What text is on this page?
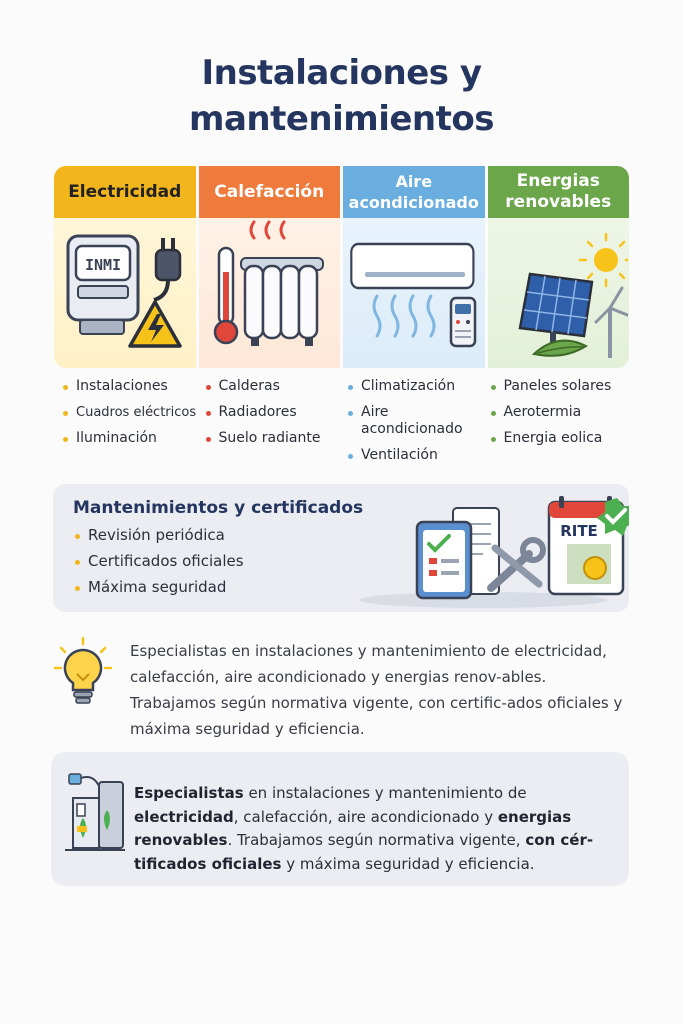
Instalaciones y
mantenimientos
Electricidad
INMI
Calefacción	Aire
acondicionado
Energias
renovables
Instalaciones
Cuadros eléctricos
Iluminación
Calderas
Radiadores
Suelo radiante
Climatización
Aire
acondicionado
Ventilación
Paneles solares
Aerotermia
Energia eolica
Mantenimientos y certificados
Revisión periódica
Certificados oficiales
Máxima seguridad
RITE
Especialistas en instalaciones y mantenimiento de electricidad, calefacción, aire acondicionado y energias renov-ables. Trabajamos según normativa vigente, con certific-ados oficiales y máxima seguridad y eficiencia.
Especialistas en instalaciones y mantenimiento de electricidad, calefacción, aire acondicionado y energias renovables. Trabajamos según normativa vigente, con cér-tificados oficiales y máxima seguridad y eficiencia.
